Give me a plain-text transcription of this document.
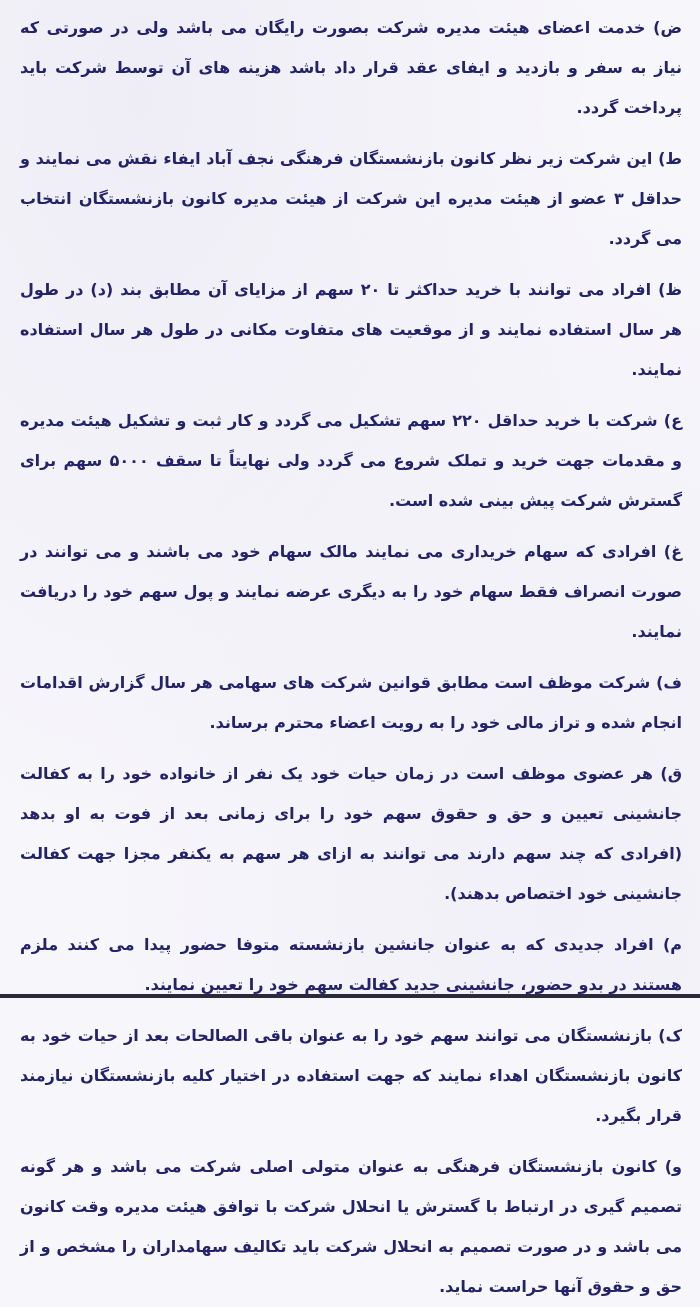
ض) خدمت اعضای هیئت مدیره شرکت بصورت رایگان می باشد ولی در صورتی که نیاز به سفر و بازدید و ایفای عقد قرار داد باشد هزینه های آن توسط شرکت باید پرداخت گردد.

ط) این شرکت زیر نظر کانون بازنشستگان فرهنگی نجف آباد ایفاء نقش می نمایند و حداقل ۳ عضو از هیئت مدیره این شرکت از هیئت مدیره کانون بازنشستگان انتخاب می گردد.

ظ) افراد می توانند با خرید حداکثر تا ۲۰ سهم از مزایای آن مطابق بند (د) در طول هر سال استفاده نمایند و از موقعیت های متفاوت مکانی در طول هر سال استفاده نمایند.

ع) شرکت با خرید حداقل ۲۲۰ سهم تشکیل می گردد و کار ثبت و تشکیل هیئت مدیره و مقدمات جهت خرید و تملک شروع می گردد ولی نهایتاً تا سقف ۵۰۰۰ سهم برای گسترش شرکت پیش بینی شده است.

غ) افرادی که سهام خریداری می نمایند مالک سهام خود می باشند و می توانند در صورت انصراف فقط سهام خود را به دیگری عرضه نمایند و پول سهم خود را دریافت نمایند.

ف) شرکت موظف است مطابق قوانین شرکت های سهامی هر سال گزارش اقدامات انجام شده و تراز مالی خود را به رویت اعضاء محترم برساند.

ق) هر عضوی موظف است در زمان حیات خود یک نفر از خانواده خود را به کفالت جانشینی تعیین و حق و حقوق سهم خود را برای زمانی بعد از فوت به او بدهد (افرادی که چند سهم دارند می توانند به ازای هر سهم به یکنفر مجزا جهت کفالت جانشینی خود اختصاص بدهند).

م) افراد جدیدی که به عنوان جانشین بازنشسته متوفا حضور پیدا می کنند ملزم هستند در بدو حضور، جانشینی جدید کفالت سهم خود را تعیین نمایند.

ک) بازنشستگان می توانند سهم خود را به عنوان باقی الصالحات بعد از حیات خود به کانون بازنشستگان اهداء نمایند که جهت استفاده در اختیار کلیه بازنشستگان نیازمند قرار بگیرد.

و) کانون بازنشستگان فرهنگی به عنوان متولی اصلی شرکت می باشد و هر گونه تصمیم گیری در ارتباط با گسترش یا انحلال شرکت با توافق هیئت مدیره وقت کانون می باشد و در صورت تصمیم به انحلال شرکت باید تکالیف سهامداران را مشخص و از حق و حقوق آنها حراست نماید.
